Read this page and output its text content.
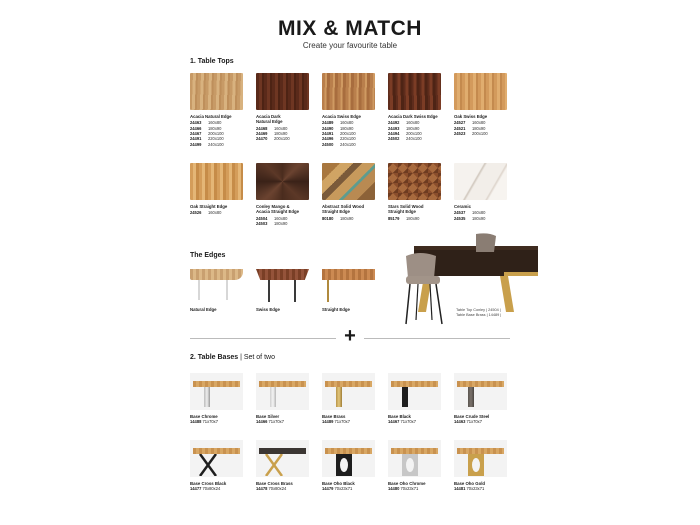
MIX & MATCH
Create your favourite table
1. Table Tops
Acacia Natural Edge
24463	160x80
24466	180x90
24467	200x100
24491	220x100
24499	240x100
Acacia Dark
Natural Edge
24468	160x80
24469	180x90
24470	200x100
Acacia Swiss Edge
24489	160x80
24490	180x90
24491	200x100
24496	220x100
24500	240x100
Acacia Dark Swiss Edge
24492	160x80
24493	180x90
24494	200x100
24502	240x100
Oak Swiss Edge
24527	160x80
24521	180x90
24523	200x100
Oak Straight Edge
24526	160x80
Conley Mango &
Acacia Straight Edge
24504	160x80
24503	180x90
Abstract Solid Wood
Straight Edge
80180	180x90
Stars Solid Wood
Straight Edge
85179	180x90
Ceramic
24537	160x80
24535	180x90
The Edges
Natural Edge	Swiss Edge	Straight Edge	Table Top Conley | 24504 |
Table Base Brass | 14489 |
+
2. Table Bases | Set of two
Base Chrome
14488 71x70x7
Base Silver
14466 71x70x7
Base Brass
14489 71x70x7
Base Black
14467 71x70x7
Base Crude Steel
14463 71x70x7
Base Cross Black
14477 70x80x24
Base Cross Brass
14478 70x80x24
Base Oho Black
14479 70x23x71
Base Oho Chrome
14480 70x23x71
Base Oho Gold
14481 70x23x71
